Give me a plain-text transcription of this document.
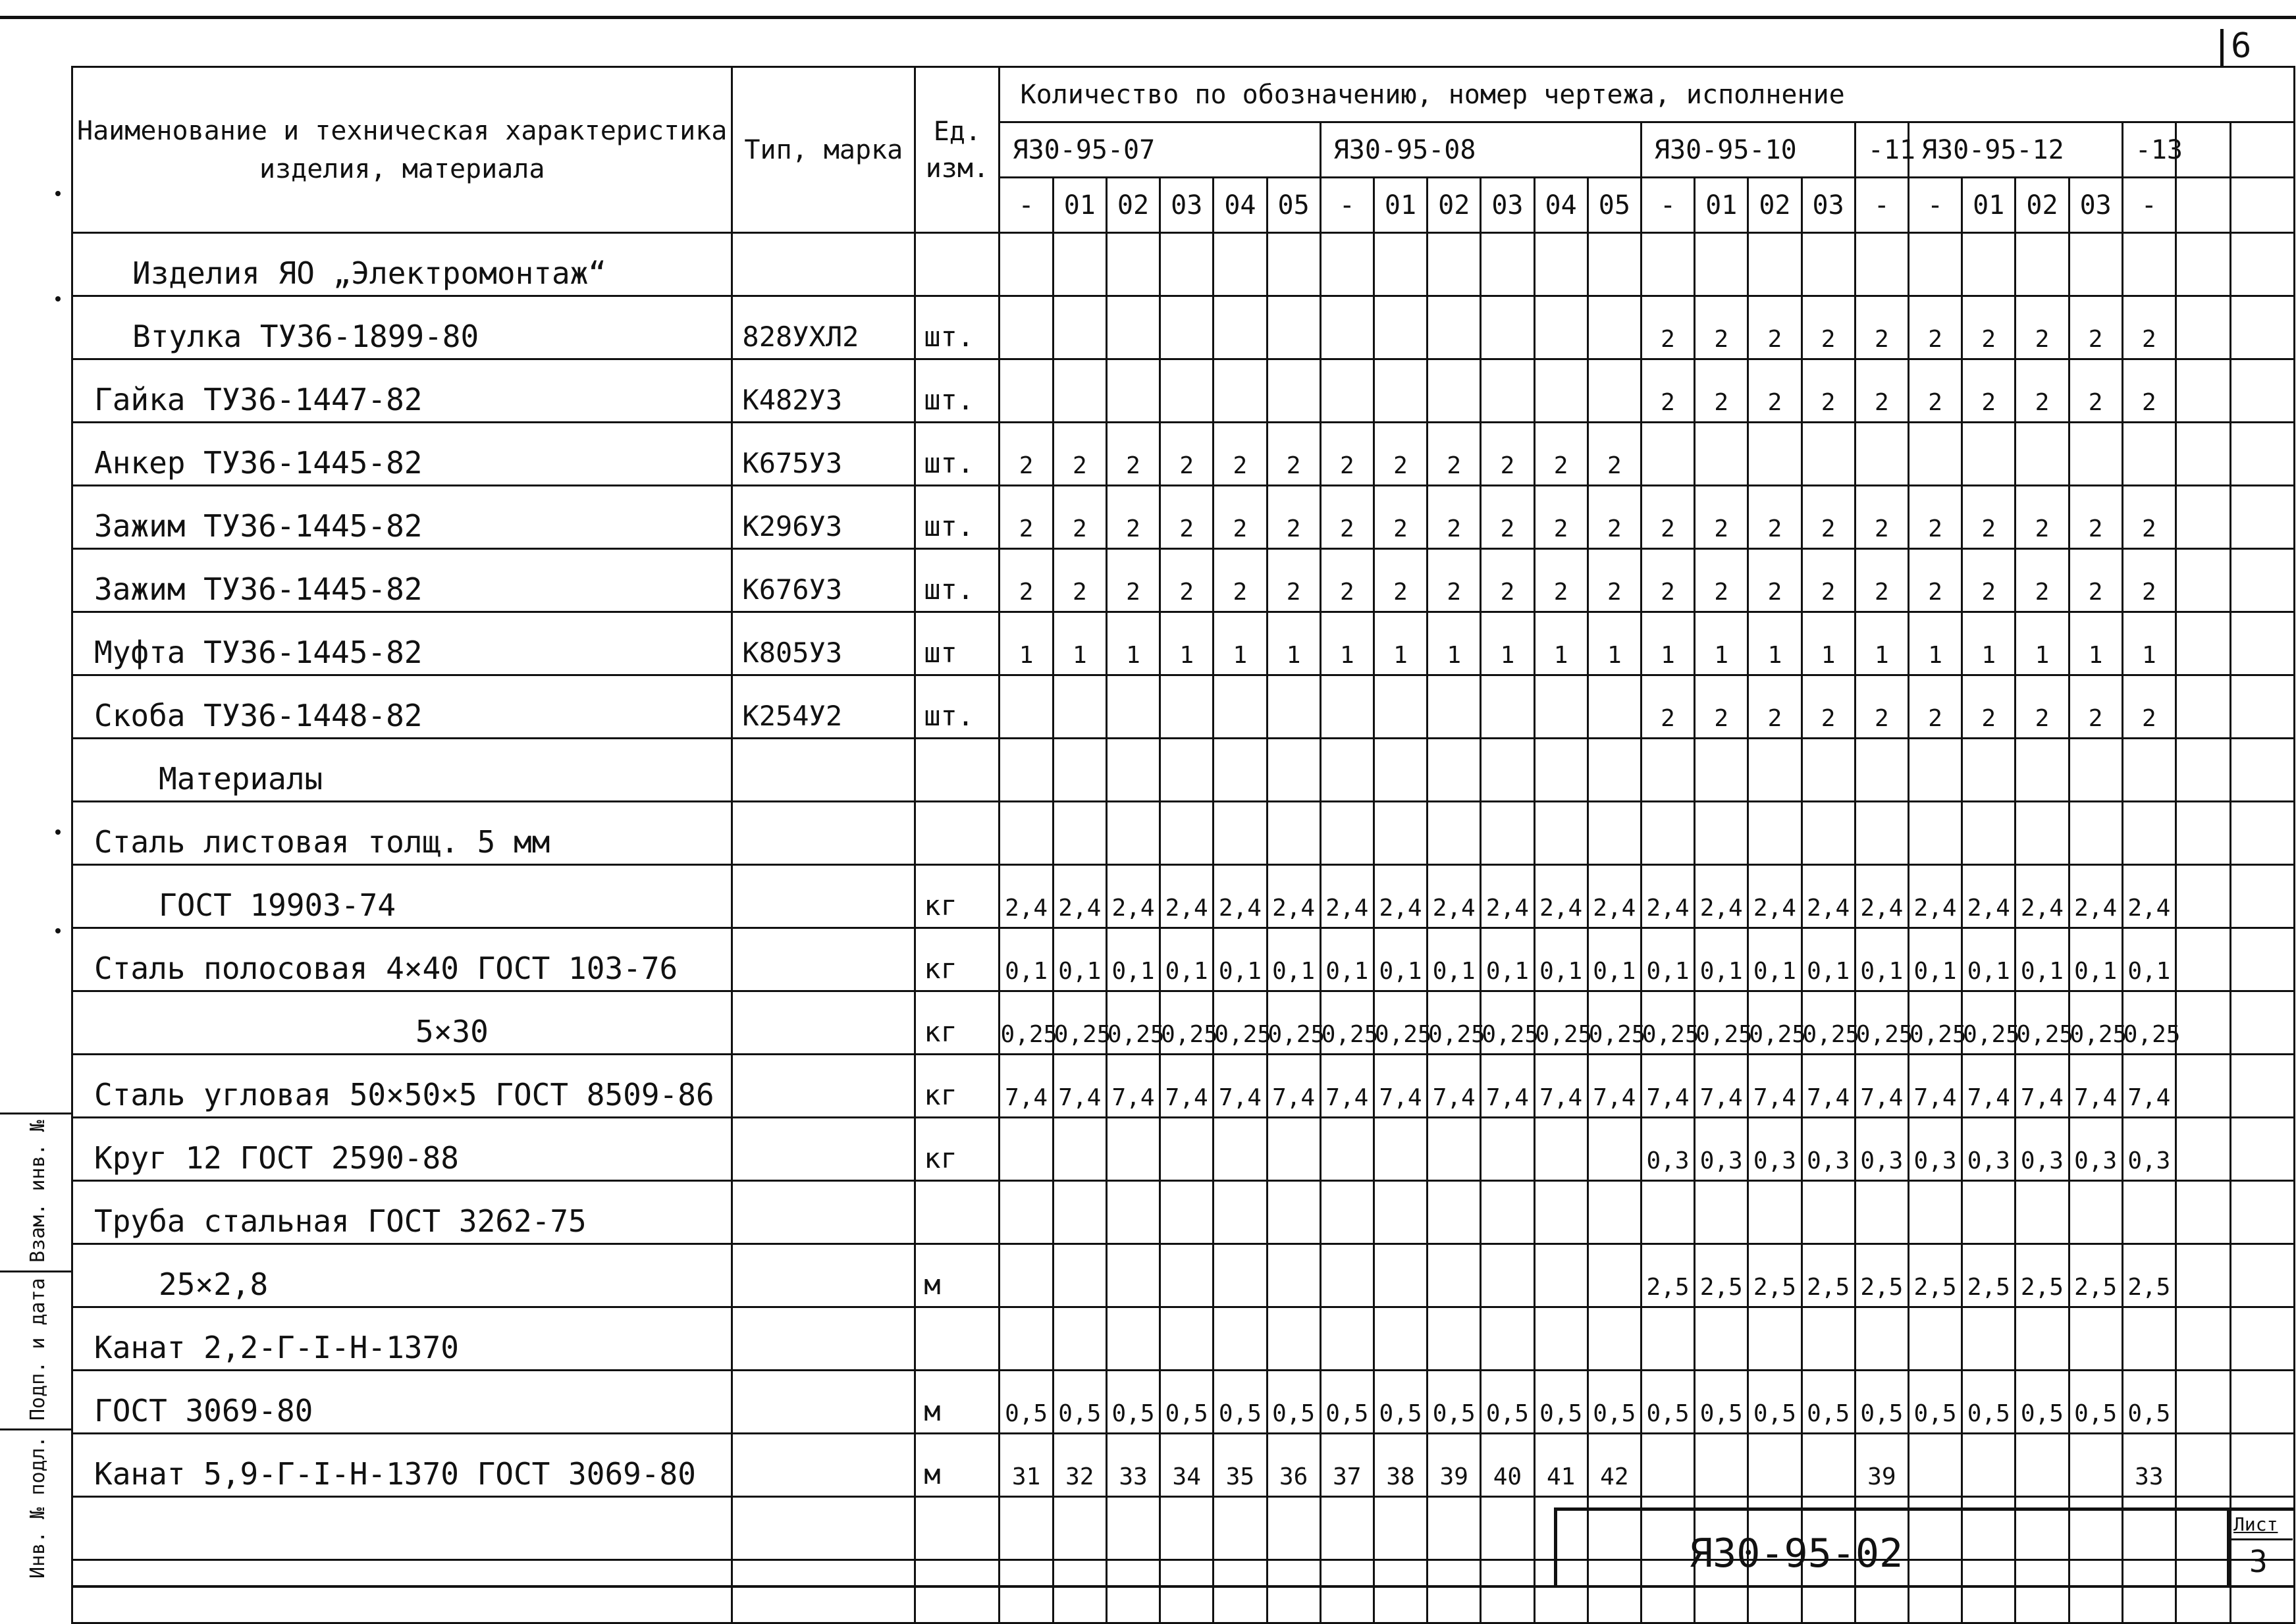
6
Наименование и техническая характеристика изделия, материала	Тип, марка	Ед. изм.	Количество по обозначению, номер чертежа, исполнение																							
			Я30-95-07						Я30-95-08						Я30-95-10				-11	Я30-95-12				-13		
			-	01	02	03	04	05	-	01	02	03	04	05	-	01	02	03	-	-	01	02	03	-		
Изделия ЯО „Электромонтаж“																										
Втулка ТУ36-1899-80	828УХЛ2	шт.													2	2	2	2	2	2	2	2	2	2		
Гайка ТУ36-1447-82	К482У3	шт.													2	2	2	2	2	2	2	2	2	2		
Анкер ТУ36-1445-82	К675У3	шт.	2	2	2	2	2	2	2	2	2	2	2	2												
Зажим ТУ36-1445-82	К296У3	шт.	2	2	2	2	2	2	2	2	2	2	2	2	2	2	2	2	2	2	2	2	2	2		
Зажим ТУ36-1445-82	К676У3	шт.	2	2	2	2	2	2	2	2	2	2	2	2	2	2	2	2	2	2	2	2	2	2		
Муфта ТУ36-1445-82	К805У3	шт	1	1	1	1	1	1	1	1	1	1	1	1	1	1	1	1	1	1	1	1	1	1		
Скоба ТУ36-1448-82	К254У2	шт.													2	2	2	2	2	2	2	2	2	2		
Материалы																										
Сталь листовая толщ. 5 мм																										
ГОСТ 19903-74		кг	2,4	2,4	2,4	2,4	2,4	2,4	2,4	2,4	2,4	2,4	2,4	2,4	2,4	2,4	2,4	2,4	2,4	2,4	2,4	2,4	2,4	2,4		
Сталь полосовая 4×40 ГОСТ 103-76		кг	0,1	0,1	0,1	0,1	0,1	0,1	0,1	0,1	0,1	0,1	0,1	0,1	0,1	0,1	0,1	0,1	0,1	0,1	0,1	0,1	0,1	0,1		
5×30		кг	0,25	0,25	0,25	0,25	0,25	0,25	0,25	0,25	0,25	0,25	0,25	0,25	0,25	0,25	0,25	0,25	0,25	0,25	0,25	0,25	0,25	0,25		
Сталь угловая 50×50×5 ГОСТ 8509-86		кг	7,4	7,4	7,4	7,4	7,4	7,4	7,4	7,4	7,4	7,4	7,4	7,4	7,4	7,4	7,4	7,4	7,4	7,4	7,4	7,4	7,4	7,4		
Круг 12 ГОСТ 2590-88		кг													0,3	0,3	0,3	0,3	0,3	0,3	0,3	0,3	0,3	0,3		
Труба стальная ГОСТ 3262-75																										
25×2,8		м													2,5	2,5	2,5	2,5	2,5	2,5	2,5	2,5	2,5	2,5		
Канат 2,2-Г-I-Н-1370																										
ГОСТ 3069-80		м	0,5	0,5	0,5	0,5	0,5	0,5	0,5	0,5	0,5	0,5	0,5	0,5	0,5	0,5	0,5	0,5	0,5	0,5	0,5	0,5	0,5	0,5		
Канат 5,9-Г-I-Н-1370 ГОСТ 3069-80		м	31	32	33	34	35	36	37	38	39	40	41	42					39					33		

Взам. инв. №
Подп. и дата
Инв. № подл.	Я30-95-02
Лист
3
